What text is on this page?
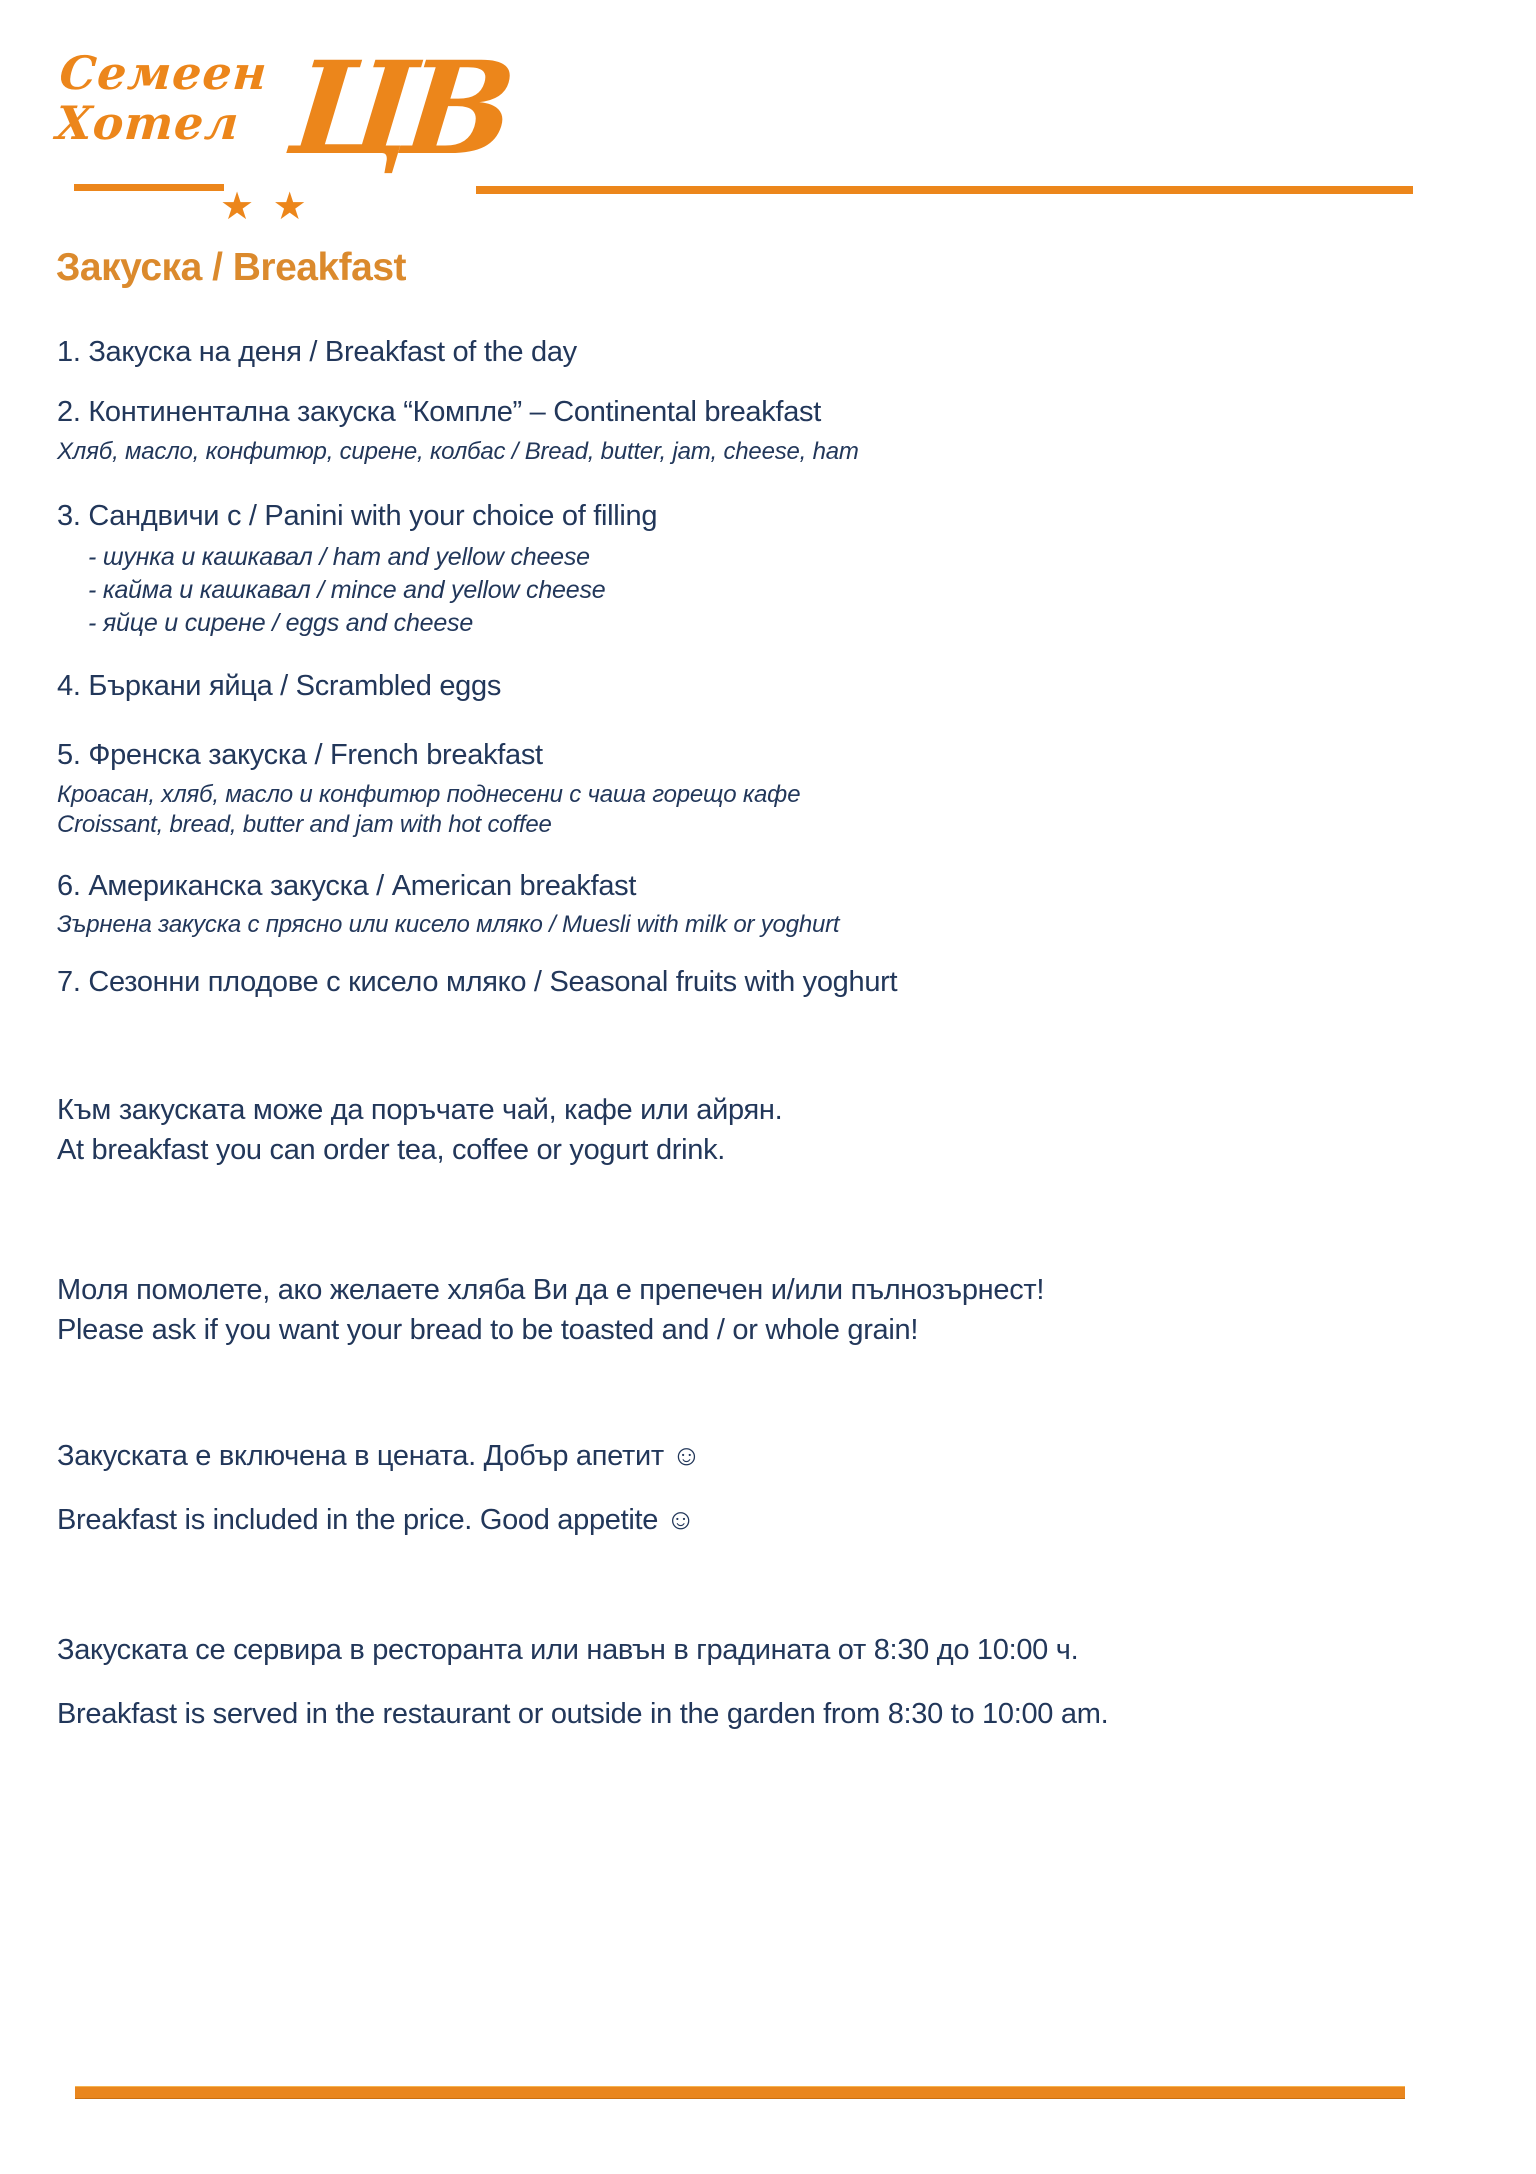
Семеен
Хотел
★ ★
ЦВ
Закуска / Breakfast
1. Закуска на деня / Breakfast of the day
2. Континентална закуска “Компле” – Continental breakfast
Хляб, масло, конфитюр, сирене, колбас / Bread, butter, jam, cheese, ham
3. Сандвичи с / Panini with your choice of filling
- шунка и кашкавал / ham and yellow cheese
- кайма и кашкавал / mince and yellow cheese
- яйце и сирене / eggs and cheese
4. Бъркани яйца / Scrambled eggs
5. Френска закуска / French breakfast
Кроасан, хляб, масло и конфитюр поднесени с чаша горещо кафе
Croissant, bread, butter and jam with hot coffee
6. Американска закуска / American breakfast
Зърнена закуска с прясно или кисело мляко / Muesli with milk or yoghurt
7. Сезонни плодове с кисело мляко / Seasonal fruits with yoghurt
Към закуската може да поръчате чай, кафе или айрян.
At breakfast you can order tea, coffee or yogurt drink.
Моля помолете, ако желаете хляба Ви да е препечен и/или пълнозърнест!
Please ask if you want your bread to be toasted and / or whole grain!
Закуската е включена в цената. Добър апетит ☺
Breakfast is included in the price. Good appetite ☺
Закуската се сервира в ресторанта или навън в градината от 8:30 до 10:00 ч.
Breakfast is served in the restaurant or outside in the garden from 8:30 to 10:00 am.
